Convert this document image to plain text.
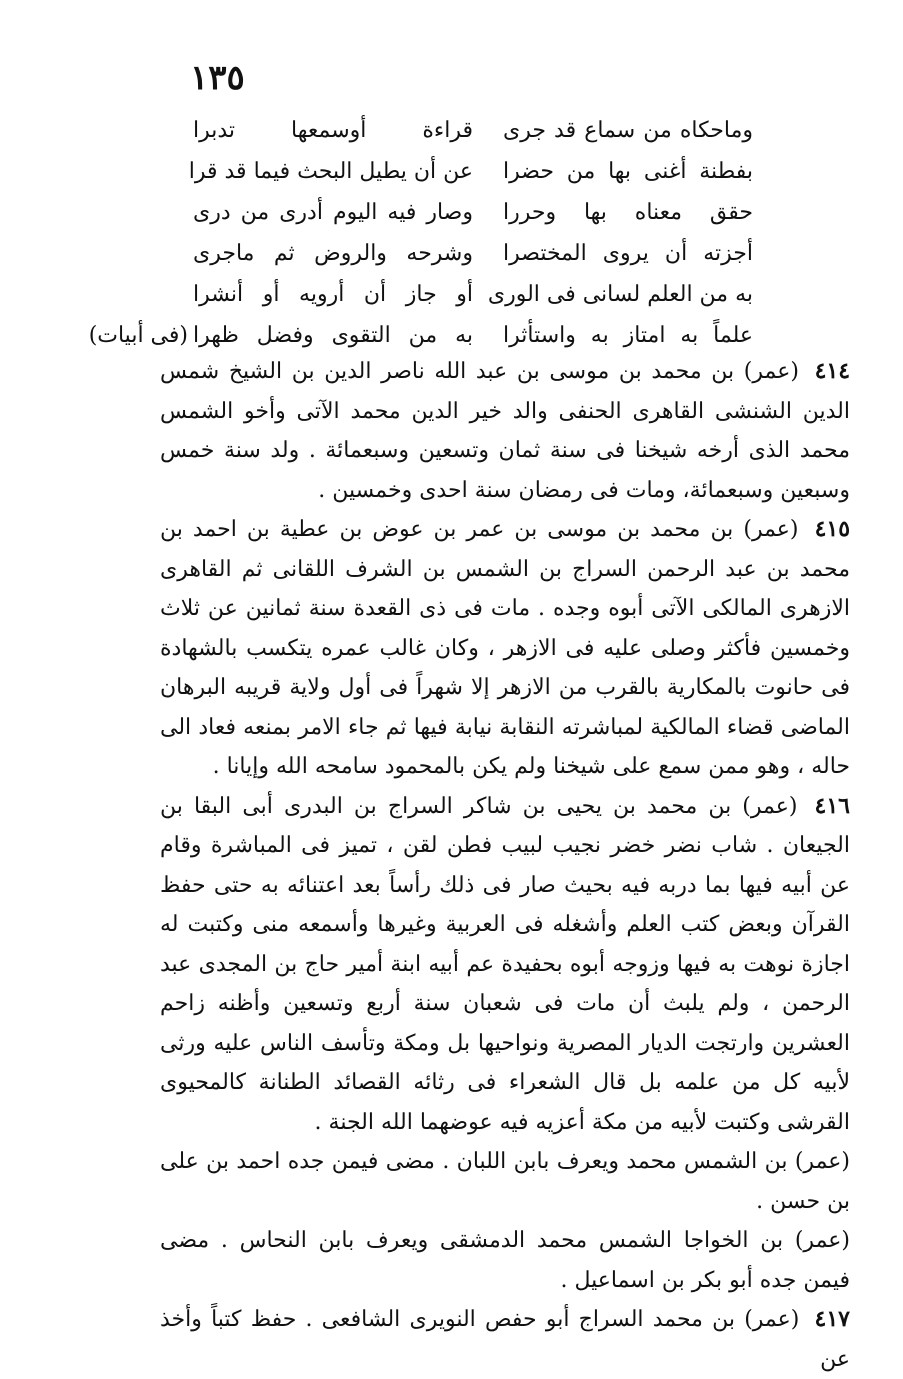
١٣٥
وماحكاه من سماع قد جرى
قراءة أوسمعها تدبرا
بفطنة أغنى بها من حضرا
عن أن يطيل البحث فيما قد قرا
حقق معناه بها وحررا
وصار فيه اليوم أدرى من درى
أجزته أن يروى المختصرا
وشرحه والروض ثم ماجرى
به من العلم لسانى فى الورى
أو جاز أن أرويه أو أنشرا
علماً به امتاز به واستأثرا
به من التقوى وفضل ظهرا
(فى أبيات)

٤١٤ (عمر) بن محمد بن موسى بن عبد الله ناصر الدين بن الشيخ شمس الدين الشنشى القاهرى الحنفى والد خير الدين محمد الآتى وأخو الشمس محمد الذى أرخه شيخنا فى سنة ثمان وتسعين وسبعمائة . ولد سنة خمس وسبعين وسبعمائة، ومات فى رمضان سنة احدى وخمسين .

٤١٥ (عمر) بن محمد بن موسى بن عمر بن عوض بن عطية بن احمد بن محمد بن عبد الرحمن السراج بن الشمس بن الشرف اللقانى ثم القاهرى الازهرى المالكى الآتى أبوه وجده . مات فى ذى القعدة سنة ثمانين عن ثلاث وخمسين فأكثر وصلى عليه فى الازهر ، وكان غالب عمره يتكسب بالشهادة فى حانوت بالمكارية بالقرب من الازهر إلا شهراً فى أول ولاية قريبه البرهان الماضى قضاء المالكية لمباشرته النقابة نيابة فيها ثم جاء الامر بمنعه فعاد الى حاله ، وهو ممن سمع على شيخنا ولم يكن بالمحمود سامحه الله وإيانا .

٤١٦ (عمر) بن محمد بن يحيى بن شاكر السراج بن البدرى أبى البقا بن الجيعان . شاب نضر خضر نجيب لبيب فطن لقن ، تميز فى المباشرة وقام عن أبيه فيها بما دربه فيه بحيث صار فى ذلك رأساً بعد اعتنائه به حتى حفظ القرآن وبعض كتب العلم وأشغله فى العربية وغيرها وأسمعه منى وكتبت له اجازة نوهت به فيها وزوجه أبوه بحفيدة عم أبيه ابنة أمير حاج بن المجدى عبد الرحمن ، ولم يلبث أن مات فى شعبان سنة أربع وتسعين وأظنه زاحم العشرين وارتجت الديار المصرية ونواحيها بل ومكة وتأسف الناس عليه ورثى لأبيه كل من علمه بل قال الشعراء فى رثائه القصائد الطنانة كالمحيوى القرشى وكتبت لأبيه من مكة أعزيه فيه عوضهما الله الجنة .

(عمر) بن الشمس محمد ويعرف بابن اللبان . مضى فيمن جده احمد بن على بن حسن .

(عمر) بن الخواجا الشمس محمد الدمشقى ويعرف بابن النحاس . مضى فيمن جده أبو بكر بن اسماعيل .

٤١٧ (عمر) بن محمد السراج أبو حفص النويرى الشافعى . حفظ كتباً وأخذ عن
